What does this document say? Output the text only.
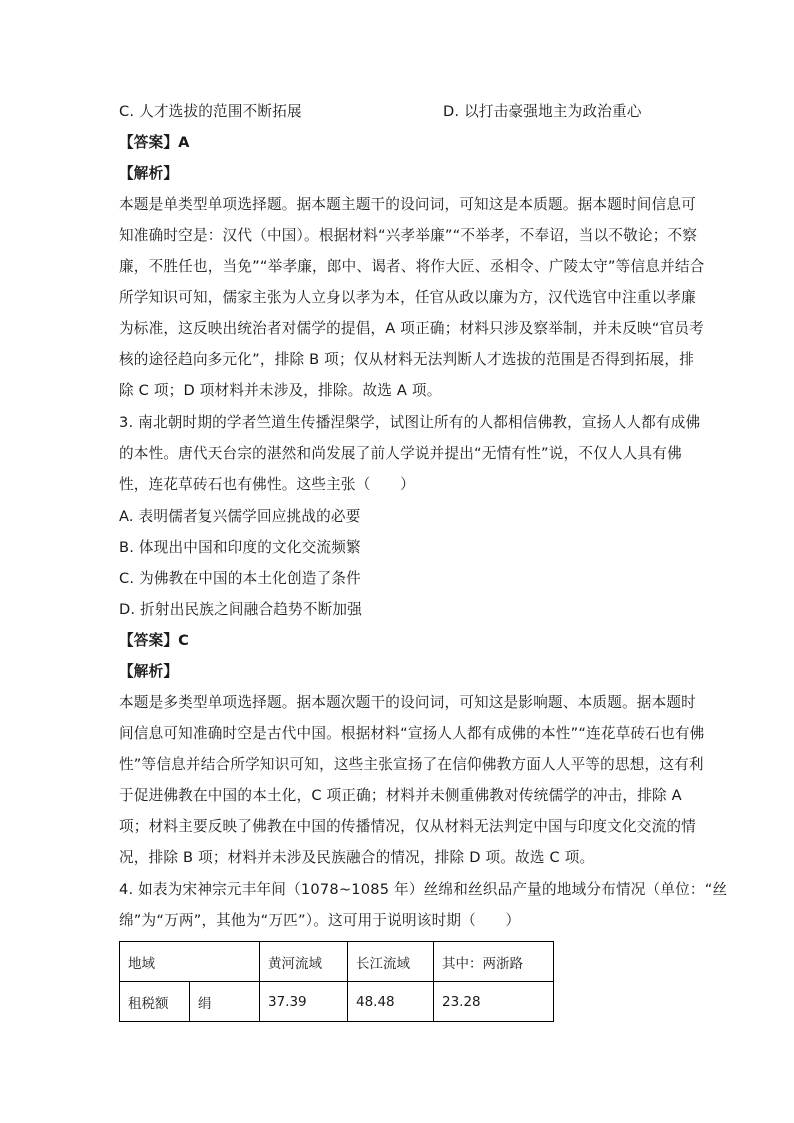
C. 人才选拔的范围不断拓展	D. 以打击豪强地主为政治重心
【答案】A
【解析】
本题是单类型单项选择题。据本题主题干的设问词，可知这是本质题。据本题时间信息可
知准确时空是：汉代（中国）。根据材料“兴孝举廉”“不举孝，不奉诏，当以不敬论；不察
廉，不胜任也，当免”“举孝廉，郎中、谒者、将作大匠、丞相令、广陵太守”等信息并结合
所学知识可知，儒家主张为人立身以孝为本，任官从政以廉为方，汉代选官中注重以孝廉
为标准，这反映出统治者对儒学的提倡，A 项正确；材料只涉及察举制，并未反映“官员考
核的途径趋向多元化”，排除 B 项；仅从材料无法判断人才选拔的范围是否得到拓展，排
除 C 项；D 项材料并未涉及，排除。故选 A 项。
3. 南北朝时期的学者竺道生传播涅槃学，试图让所有的人都相信佛教，宣扬人人都有成佛
的本性。唐代天台宗的湛然和尚发展了前人学说并提出“无情有性”说，不仅人人具有佛
性，连花草砖石也有佛性。这些主张（　　）
A. 表明儒者复兴儒学回应挑战的必要
B. 体现出中国和印度的文化交流频繁
C. 为佛教在中国的本土化创造了条件
D. 折射出民族之间融合趋势不断加强
【答案】C
【解析】
本题是多类型单项选择题。据本题次题干的设问词，可知这是影响题、本质题。据本题时
间信息可知准确时空是古代中国。根据材料“宣扬人人都有成佛的本性”“连花草砖石也有佛
性”等信息并结合所学知识可知，这些主张宣扬了在信仰佛教方面人人平等的思想，这有利
于促进佛教在中国的本土化，C 项正确；材料并未侧重佛教对传统儒学的冲击，排除 A
项；材料主要反映了佛教在中国的传播情况，仅从材料无法判定中国与印度文化交流的情
况，排除 B 项；材料并未涉及民族融合的情况，排除 D 项。故选 C 项。
4. 如表为宋神宗元丰年间（1078~1085 年）丝绵和丝织品产量的地域分布情况（单位：“丝
绵”为“万两”，其他为“万匹”）。这可用于说明该时期（　　）
地域		黄河流域	长江流域	其中：两浙路
租税额	绢	37.39	48.48	23.28
